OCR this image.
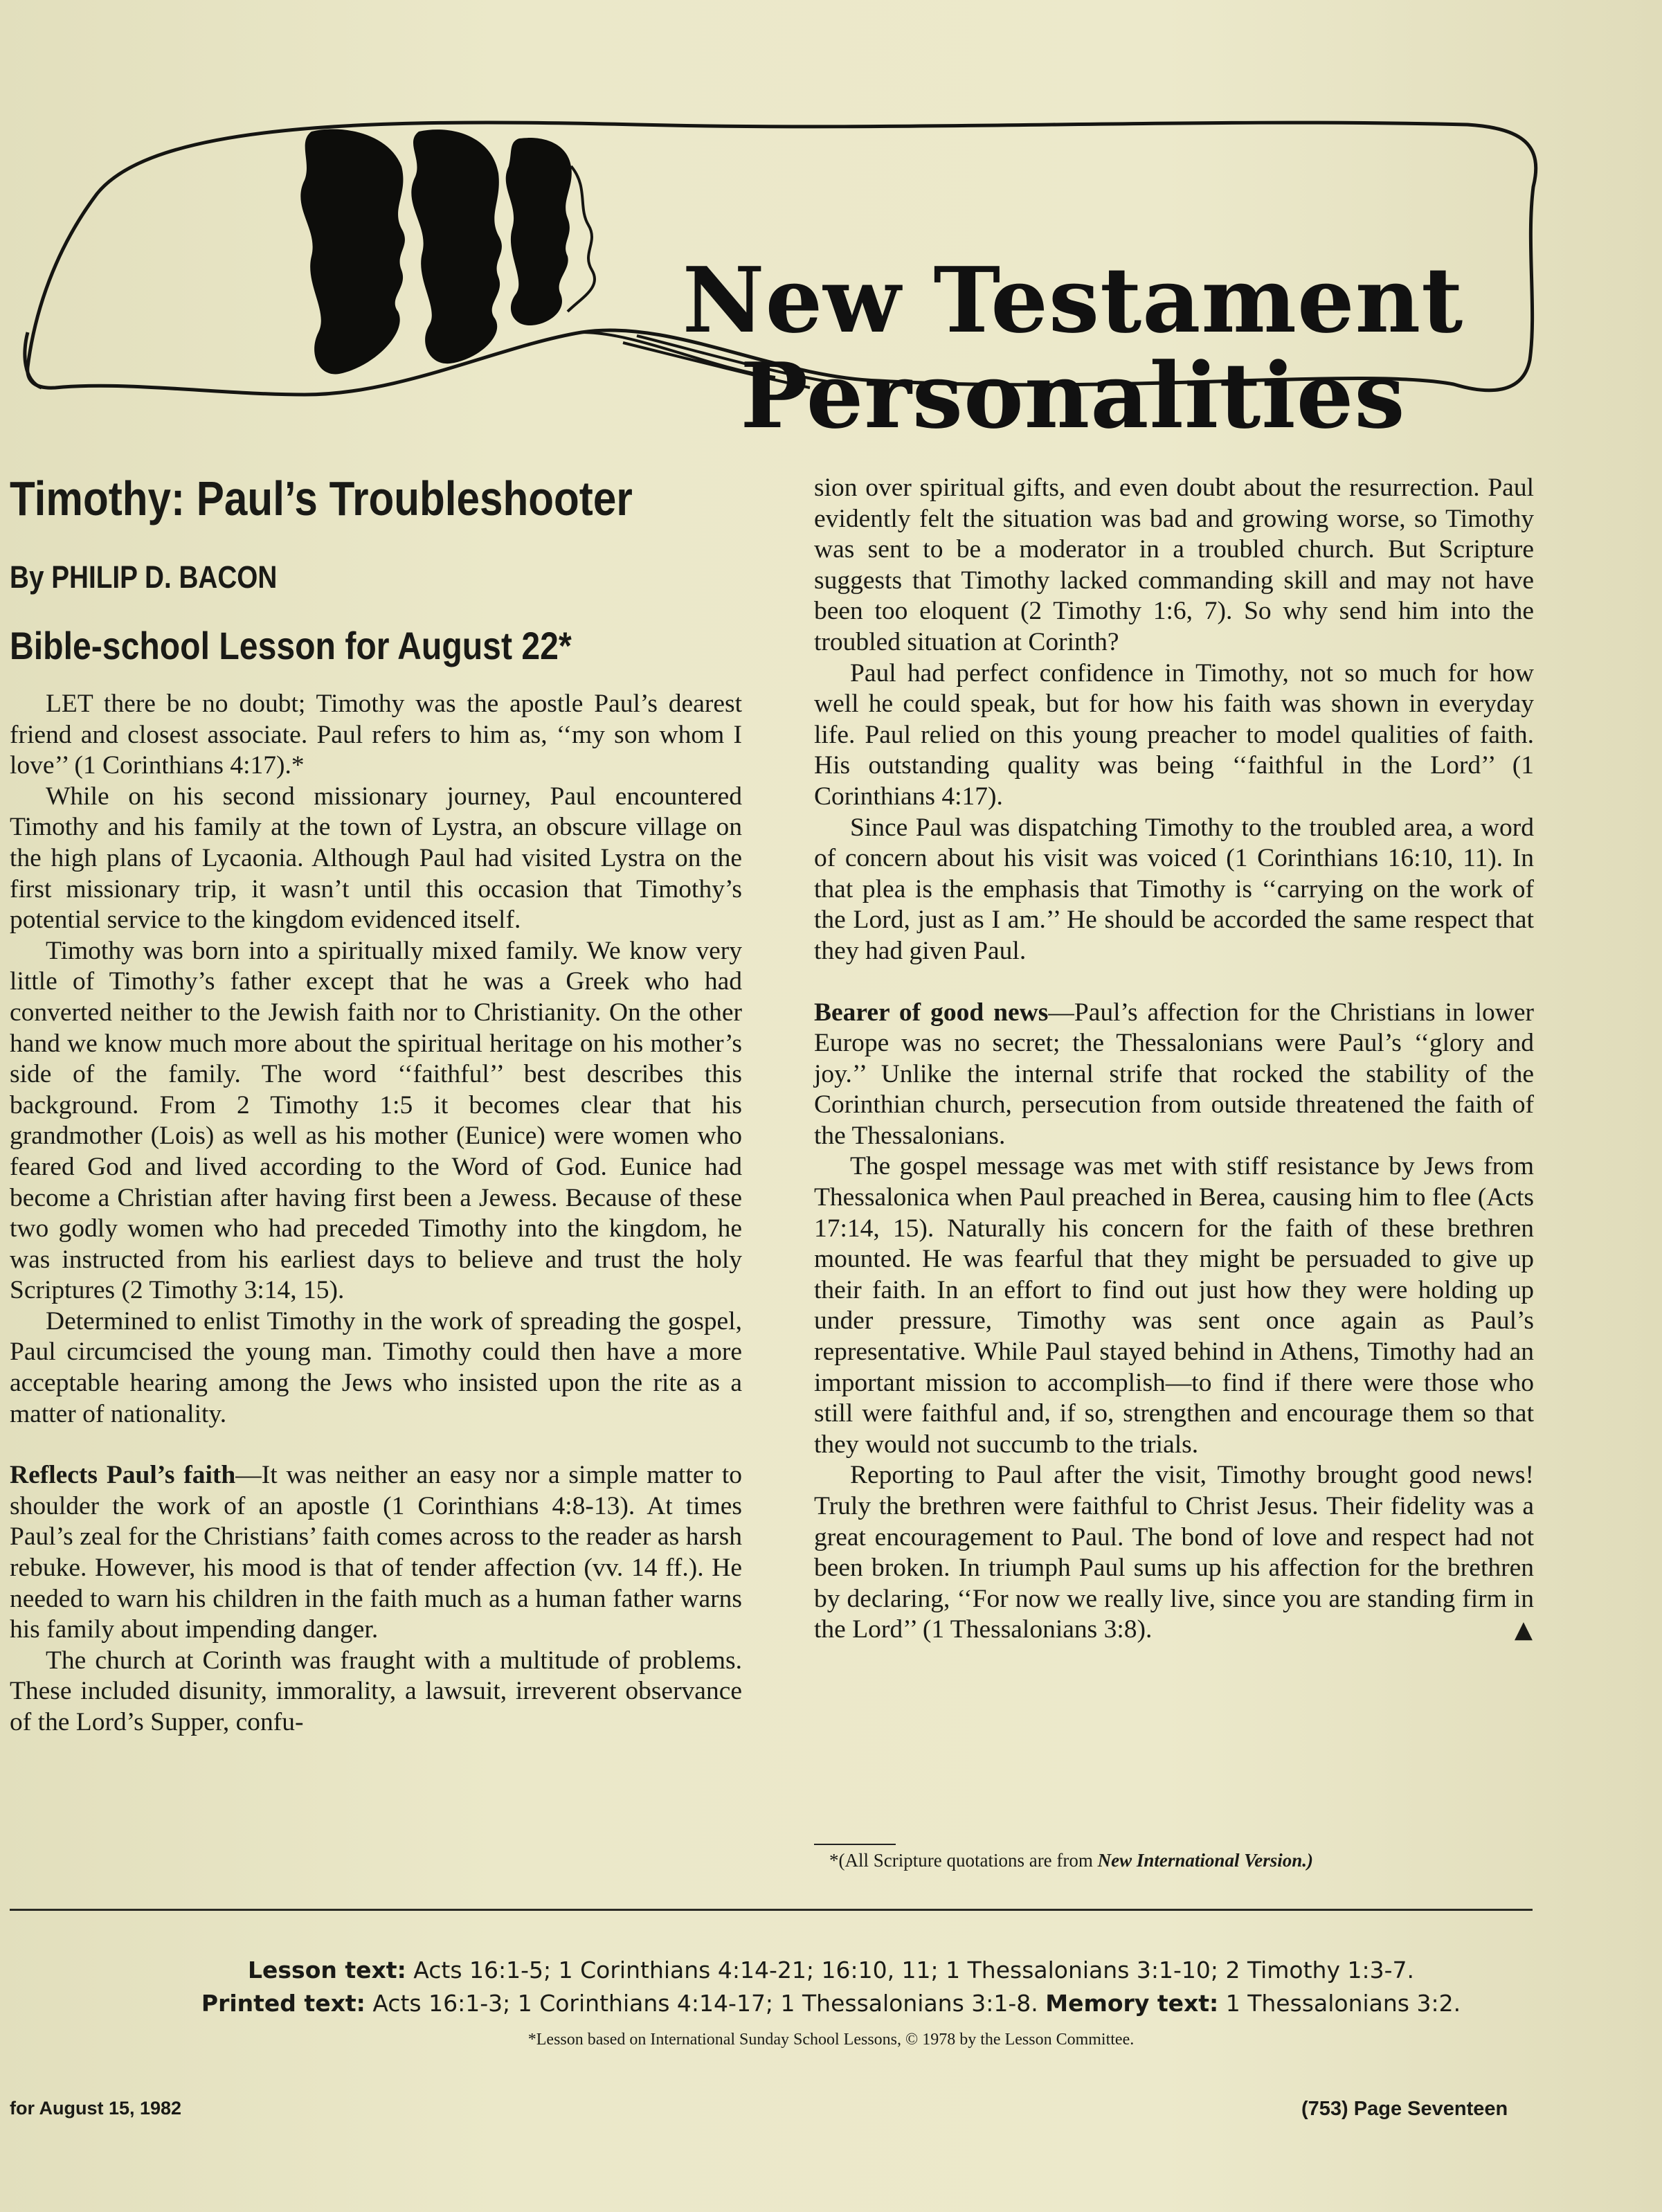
New Testament
Personalities
Timothy: Paul’s Troubleshooter
By PHILIP D. BACON
Bible-school Lesson for August 22*

LET there be no doubt; Timothy was the apostle Paul’s dearest friend and closest associate. Paul refers to him as, ‘‘my son whom I love’’ (1 Corinthians 4:17).*

While on his second missionary journey, Paul encountered Timothy and his family at the town of Lystra, an obscure village on the high plans of Lycaonia. Although Paul had visited Lystra on the first missionary trip, it wasn’t until this occasion that Timothy’s potential service to the kingdom evidenced itself.

Timothy was born into a spiritually mixed family. We know very little of Timothy’s father except that he was a Greek who had converted neither to the Jewish faith nor to Christianity. On the other hand we know much more about the spiritual heritage on his mother’s side of the family. The word ‘‘faithful’’ best describes this background. From 2 Timothy 1:5 it becomes clear that his grandmother (Lois) as well as his mother (Eunice) were women who feared God and lived according to the Word of God. Eunice had become a Christian after having first been a Jewess. Because of these two godly women who had preceded Timothy into the kingdom, he was instructed from his earliest days to believe and trust the holy Scriptures (2 Timothy 3:14, 15).

Determined to enlist Timothy in the work of spreading the gospel, Paul circumcised the young man. Timothy could then have a more acceptable hearing among the Jews who insisted upon the rite as a matter of nationality.

Reflects Paul’s faith—It was neither an easy nor a simple matter to shoulder the work of an apostle (1 Corinthians 4:8-13). At times Paul’s zeal for the Christians’ faith comes across to the reader as harsh rebuke. However, his mood is that of tender affection (vv. 14 ff.). He needed to warn his children in the faith much as a human father warns his family about impending danger.

The church at Corinth was fraught with a multitude of problems. These included disunity, immorality, a lawsuit, irreverent observance of the Lord’s Supper, confu-

sion over spiritual gifts, and even doubt about the resurrection. Paul evidently felt the situation was bad and growing worse, so Timothy was sent to be a moderator in a troubled church. But Scripture suggests that Timothy lacked commanding skill and may not have been too eloquent (2 Timothy 1:6, 7). So why send him into the troubled situation at Corinth?

Paul had perfect confidence in Timothy, not so much for how well he could speak, but for how his faith was shown in everyday life. Paul relied on this young preacher to model qualities of faith. His outstanding quality was being ‘‘faithful in the Lord’’ (1 Corinthians 4:17).

Since Paul was dispatching Timothy to the troubled area, a word of concern about his visit was voiced (1 Corinthians 16:10, 11). In that plea is the emphasis that Timothy is ‘‘carrying on the work of the Lord, just as I am.’’ He should be accorded the same respect that they had given Paul.

Bearer of good news—Paul’s affection for the Christians in lower Europe was no secret; the Thessalonians were Paul’s ‘‘glory and joy.’’ Unlike the internal strife that rocked the stability of the Corinthian church, persecution from outside threatened the faith of the Thessalonians.

The gospel message was met with stiff resistance by Jews from Thessalonica when Paul preached in Berea, causing him to flee (Acts 17:14, 15). Naturally his concern for the faith of these brethren mounted. He was fearful that they might be persuaded to give up their faith. In an effort to find out just how they were holding up under pressure, Timothy was sent once again as Paul’s representative. While Paul stayed behind in Athens, Timothy had an important mission to accomplish—to find if there were those who still were faithful and, if so, strengthen and encourage them so that they would not succumb to the trials.

Reporting to Paul after the visit, Timothy brought good news! Truly the brethren were faithful to Christ Jesus. Their fidelity was a great encouragement to Paul. The bond of love and respect had not been broken. In triumph Paul sums up his affection for the brethren by declaring, ‘‘For now we really live, since you are standing firm in the Lord’’ (1 Thessalonians 3:8).	▲

*(All Scripture quotations are from New International Version.)
Lesson text: Acts 16:1-5; 1 Corinthians 4:14-21; 16:10, 11; 1 Thessalonians 3:1-10; 2 Timothy 1:3-7.
Printed text: Acts 16:1-3; 1 Corinthians 4:14-17; 1 Thessalonians 3:1-8. Memory text: 1 Thessalonians 3:2.
*Lesson based on International Sunday School Lessons, © 1978 by the Lesson Committee.
for August 15, 1982	(753) Page Seventeen
